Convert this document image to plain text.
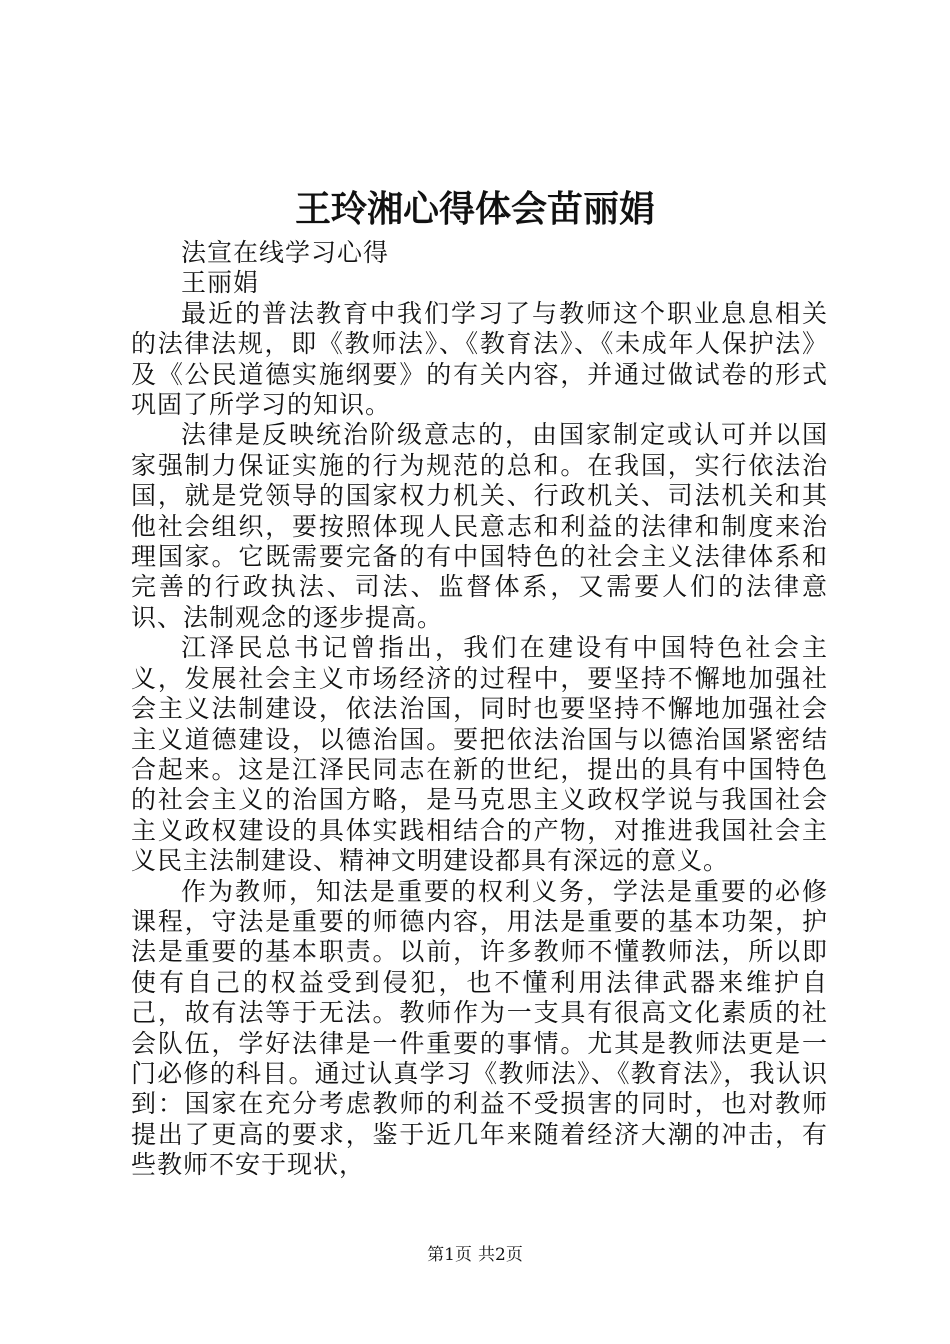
王玲湘心得体会苗丽娟

法宣在线学习心得

王丽娟

最近的普法教育中我们学习了与教师这个职业息息相关的法律法规，即《教师法》、《教育法》、《未成年人保护法》及《公民道德实施纲要》的有关内容，并通过做试卷的形式巩固了所学习的知识。

法律是反映统治阶级意志的，由国家制定或认可并以国家强制力保证实施的行为规范的总和。在我国，实行依法治国，就是党领导的国家权力机关、行政机关、司法机关和其他社会组织，要按照体现人民意志和利益的法律和制度来治理国家。它既需要完备的有中国特色的社会主义法律体系和完善的行政执法、司法、监督体系，又需要人们的法律意识、法制观念的逐步提高。

江泽民总书记曾指出，我们在建设有中国特色社会主义，发展社会主义市场经济的过程中，要坚持不懈地加强社会主义法制建设，依法治国，同时也要坚持不懈地加强社会主义道德建设，以德治国。要把依法治国与以德治国紧密结合起来。这是江泽民同志在新的世纪，提出的具有中国特色的社会主义的治国方略，是马克思主义政权学说与我国社会主义政权建设的具体实践相结合的产物，对推进我国社会主义民主法制建设、精神文明建设都具有深远的意义。

作为教师，知法是重要的权利义务，学法是重要的必修课程，守法是重要的师德内容，用法是重要的基本功架，护法是重要的基本职责。以前，许多教师不懂教师法，所以即使有自己的权益受到侵犯，也不懂利用法律武器来维护自己，故有法等于无法。教师作为一支具有很高文化素质的社会队伍，学好法律是一件重要的事情。尤其是教师法更是一门必修的科目。通过认真学习《教师法》、《教育法》，我认识到：国家在充分考虑教师的利益不受损害的同时，也对教师提出了更高的要求，鉴于近几年来随着经济大潮的冲击，有些教师不安于现状，

第1页 共2页
